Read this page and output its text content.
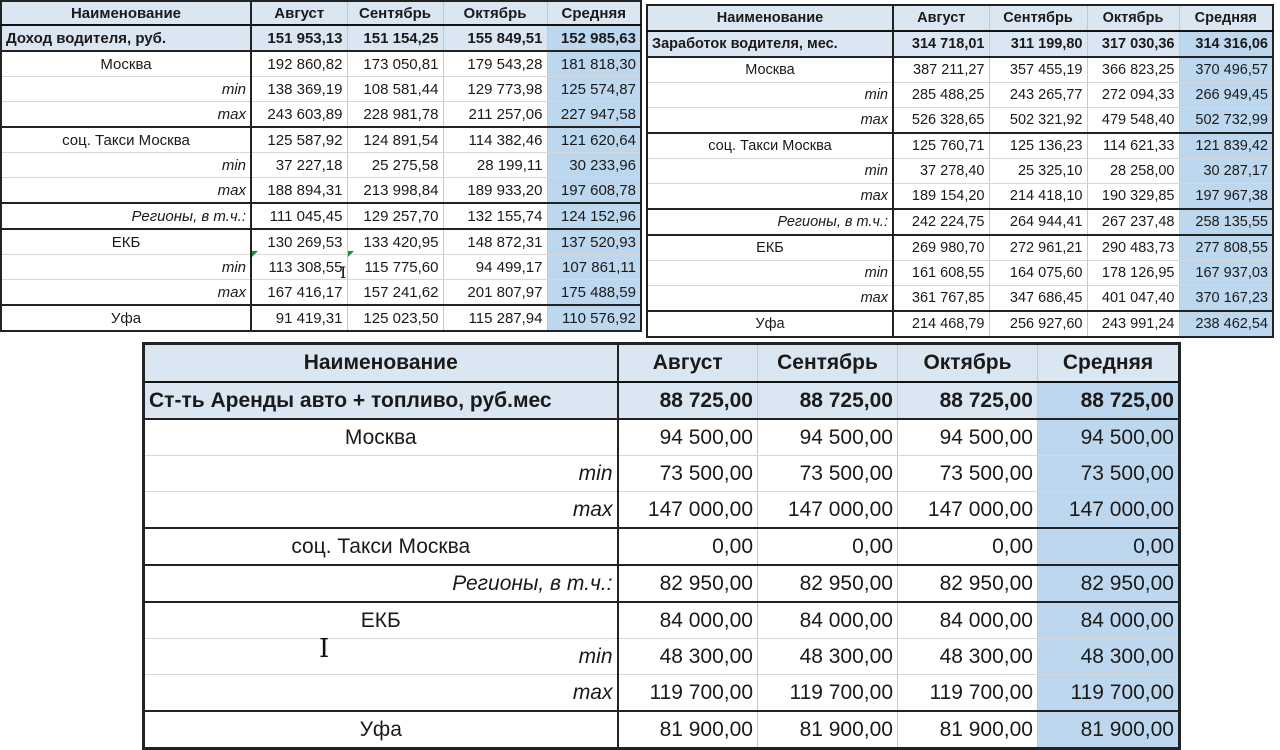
Наименование	Август	Сентябрь	Октябрь	Средняя
Доход водителя, руб.	151 953,13	151 154,25	155 849,51	152 985,63
Москва	192 860,82	173 050,81	179 543,28	181 818,30
min	138 369,19	108 581,44	129 773,98	125 574,87
max	243 603,89	228 981,78	211 257,06	227 947,58
соц. Такси Москва	125 587,92	124 891,54	114 382,46	121 620,64
min	37 227,18	25 275,58	28 199,11	30 233,96
max	188 894,31	213 998,84	189 933,20	197 608,78
Регионы, в т.ч.:	111 045,45	129 257,70	132 155,74	124 152,96
ЕКБ	130 269,53	133 420,95	148 872,31	137 520,93
min	113 308,55	115 775,60	94 499,17	107 861,11
max	167 416,17	157 241,62	201 807,97	175 488,59
Уфа	91 419,31	125 023,50	115 287,94	110 576,92
Наименование	Август	Сентябрь	Октябрь	Средняя
Заработок водителя, мес.	314 718,01	311 199,80	317 030,36	314 316,06
Москва	387 211,27	357 455,19	366 823,25	370 496,57
min	285 488,25	243 265,77	272 094,33	266 949,45
max	526 328,65	502 321,92	479 548,40	502 732,99
соц. Такси Москва	125 760,71	125 136,23	114 621,33	121 839,42
min	37 278,40	25 325,10	28 258,00	30 287,17
max	189 154,20	214 418,10	190 329,85	197 967,38
Регионы, в т.ч.:	242 224,75	264 944,41	267 237,48	258 135,55
ЕКБ	269 980,70	272 961,21	290 483,73	277 808,55
min	161 608,55	164 075,60	178 126,95	167 937,03
max	361 767,85	347 686,45	401 047,40	370 167,23
Уфа	214 468,79	256 927,60	243 991,24	238 462,54
Наименование	Август	Сентябрь	Октябрь	Средняя
Ст-ть Аренды авто + топливо, руб.мес	88 725,00	88 725,00	88 725,00	88 725,00
Москва	94 500,00	94 500,00	94 500,00	94 500,00
min	73 500,00	73 500,00	73 500,00	73 500,00
max	147 000,00	147 000,00	147 000,00	147 000,00
соц. Такси Москва	0,00	0,00	0,00	0,00
Регионы, в т.ч.:	82 950,00	82 950,00	82 950,00	82 950,00
ЕКБ	84 000,00	84 000,00	84 000,00	84 000,00
min	48 300,00	48 300,00	48 300,00	48 300,00
max	119 700,00	119 700,00	119 700,00	119 700,00
Уфа	81 900,00	81 900,00	81 900,00	81 900,00
I
I
